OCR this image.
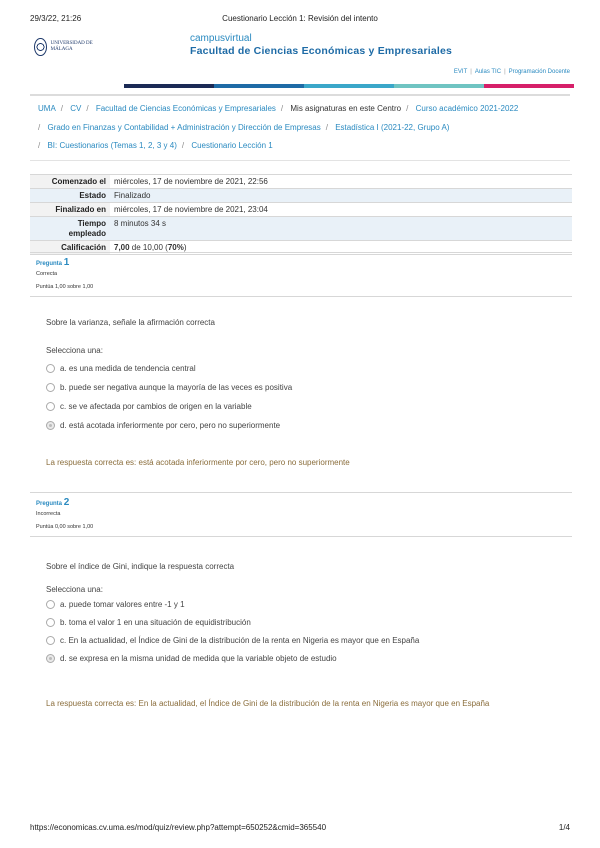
29/3/22, 21:26	Cuestionario Lección 1: Revisión del intento
UNIVERSIDAD DE MÁLAGA
campusvirtual
Facultad de Ciencias Económicas y Empresariales
EVIT | Aulas TIC | Programación Docente
UMA / CV / Facultad de Ciencias Económicas y Empresariales / Mis asignaturas en este Centro / Curso académico 2021-2022
/ Grado en Finanzas y Contabilidad + Administración y Dirección de Empresas / Estadística I (2021-22, Grupo A)
/ BI: Cuestionarios (Temas 1, 2, 3 y 4) / Cuestionario Lección 1
Comenzado el	miércoles, 17 de noviembre de 2021, 22:56
Estado	Finalizado
Finalizado en	miércoles, 17 de noviembre de 2021, 23:04
Tiempo empleado	8 minutos 34 s
Calificación	7,00 de 10,00 (70%)
Pregunta 1
Correcta
Puntúa 1,00 sobre 1,00
Sobre la varianza, señale la afirmación correcta
Selecciona una:
a. es una medida de tendencia central
b. puede ser negativa aunque la mayoría de las veces es positiva
c. se ve afectada por cambios de origen en la variable
d. está acotada inferiormente por cero, pero no superiormente
La respuesta correcta es: está acotada inferiormente por cero, pero no superiormente
Pregunta 2
Incorrecta
Puntúa 0,00 sobre 1,00
Sobre el índice de Gini, indique la respuesta correcta
Selecciona una:
a. puede tomar valores entre -1 y 1
b. toma el valor 1 en una situación de equidistribución
c. En la actualidad, el Índice de Gini de la distribución de la renta en Nigeria es mayor que en España
d. se expresa en la misma unidad de medida que la variable objeto de estudio
La respuesta correcta es: En la actualidad, el Índice de Gini de la distribución de la renta en Nigeria es mayor que en España
https://economicas.cv.uma.es/mod/quiz/review.php?attempt=650252&cmid=365540	1/4
